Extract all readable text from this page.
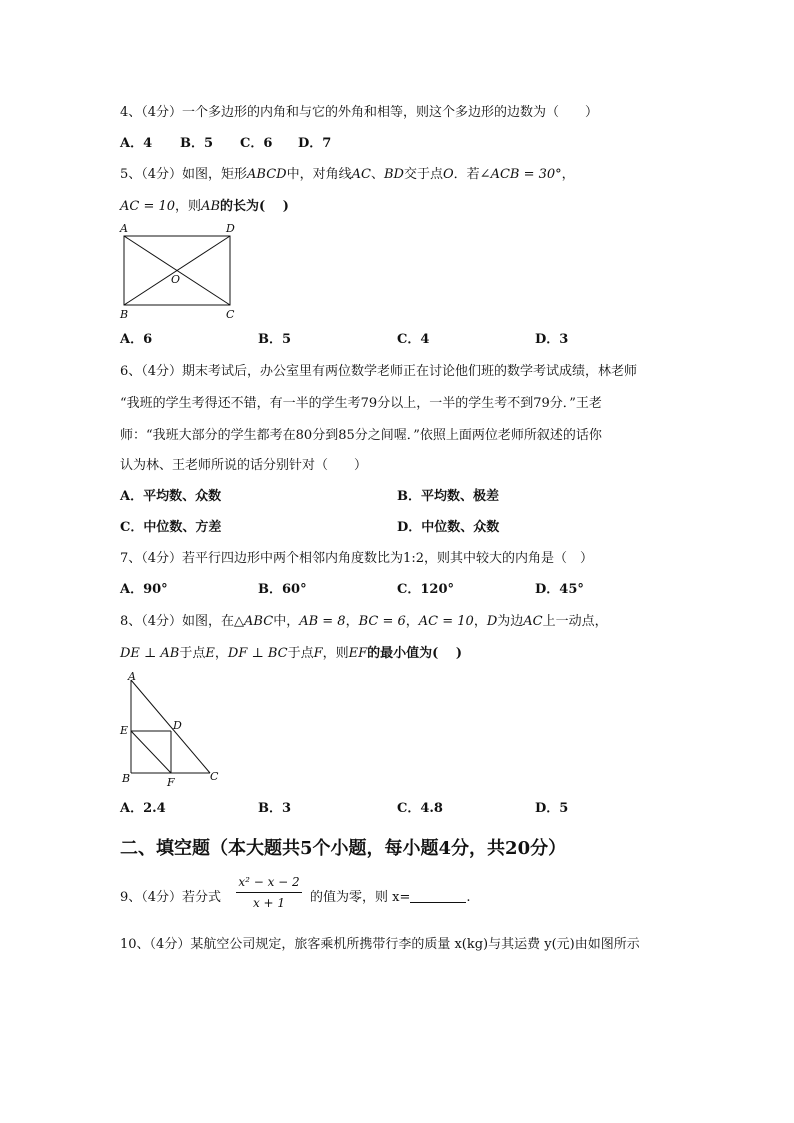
4、（4分）一个多边形的内角和与它的外角和相等，则这个多边形的边数为（　　）
A．4 B．5 C．6 D．7
5、（4分）如图，矩形ABCD中，对角线AC、BD交于点O．若∠ACB = 30°，
AC = 10，则AB的长为(　 )
A	D
B	C
O
A．6	B．5	C．4	D．3
6、（4分）期末考试后，办公室里有两位数学老师正在讨论他们班的数学考试成绩，林老师
“我班的学生考得还不错，有一半的学生考79分以上，一半的学生考不到79分．”王老
师：“我班大部分的学生都考在80分到85分之间喔．”依照上面两位老师所叙述的话你
认为林、王老师所说的话分别针对（　　）
A．平均数、众数	B．平均数、极差
C．中位数、方差	D．中位数、众数
7、（4分）若平行四边形中两个相邻内角度数比为1:2，则其中较大的内角是（　）
A．90°	B．60°	C．120°	D．45°
8、（4分）如图，在△ABC中，AB = 8，BC = 6，AC = 10，D为边AC上一动点，
DE ⊥ AB于点E，DF ⊥ BC于点F，则EF的最小值为(　 )
A
E	D
B	F	C
A．2.4	B．3	C．4.8	D．5
二、填空题（本大题共5个小题，每小题4分，共20分）
9、（4分）若分式
x² − x − 2
x + 1	的值为零，则 x=	.
10、（4分）某航空公司规定，旅客乘机所携带行李的质量 x(kg)与其运费 y(元)由如图所示
